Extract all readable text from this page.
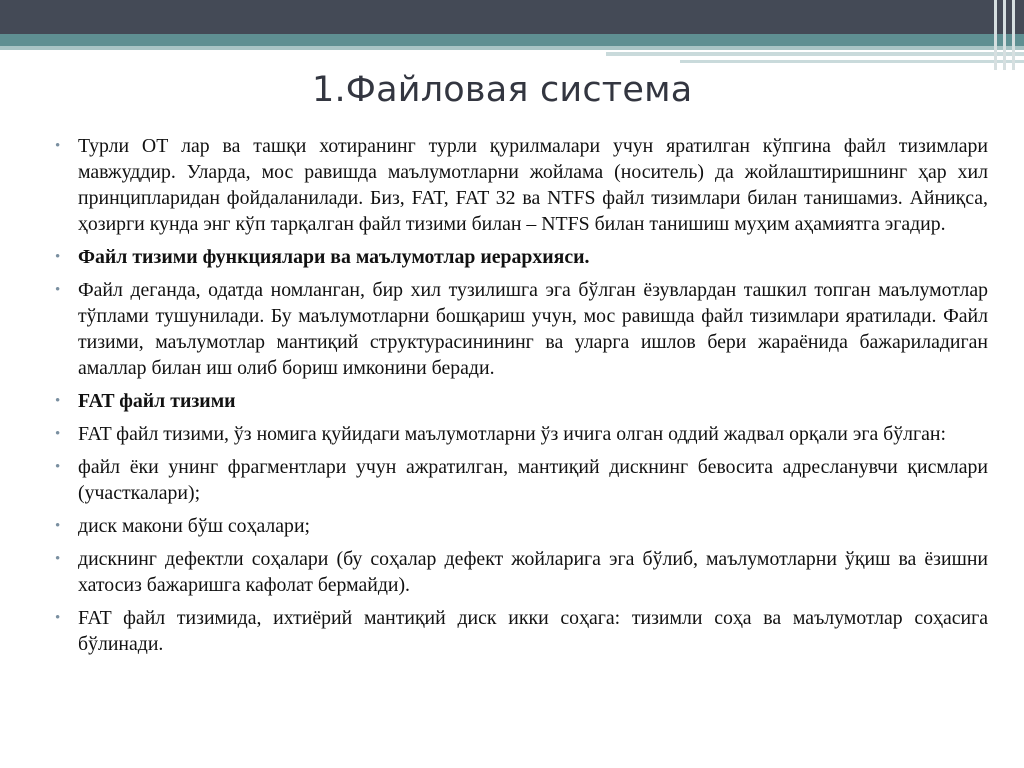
1.Файловая система
• Турли ОТ лар ва ташқи хотиранинг турли қурилмалари учун яратилган кўпгина файл тизимлари мавжуддир. Уларда, мос равишда маълумотларни жойлама (носитель) да жойлаштиришнинг ҳар хил принципларидан фойдаланилади. Биз, FAT, FAT 32 ва NTFS файл тизимлари билан танишамиз. Айниқса, ҳозирги кунда энг кўп тарқалган файл тизими билан – NTFS билан танишиш муҳим аҳамиятга эгадир.
• Файл тизими функциялари ва маълумотлар иерархияси.
• Файл деганда, одатда номланган, бир хил тузилишга эга бўлган ёзувлардан ташкил топган маълумотлар тўплами тушунилади. Бу маълумотларни бошқариш учун, мос равишда файл тизимлари яратилади. Файл тизими, маълумотлар мантиқий структурасинининг ва уларга ишлов бери жараёнида бажариладиган амаллар билан иш олиб бориш имконини беради.
• FAT файл тизими
• FAT файл тизими, ўз номига қуйидаги маълумотларни ўз ичига олган оддий жадвал орқали эга бўлган:
• файл ёки унинг фрагментлари учун ажратилган, мантиқий дискнинг бевосита адресланувчи қисмлари (участкалари);
• диск макони бўш соҳалари;
• дискнинг дефектли соҳалари (бу соҳалар дефект жойларига эга бўлиб, маълумотларни ўқиш ва ёзишни хатосиз бажаришга кафолат бермайди).
• FAT файл тизимида, ихтиёрий мантиқий диск икки соҳага: тизимли соҳа ва маълумотлар соҳасига бўлинади.
